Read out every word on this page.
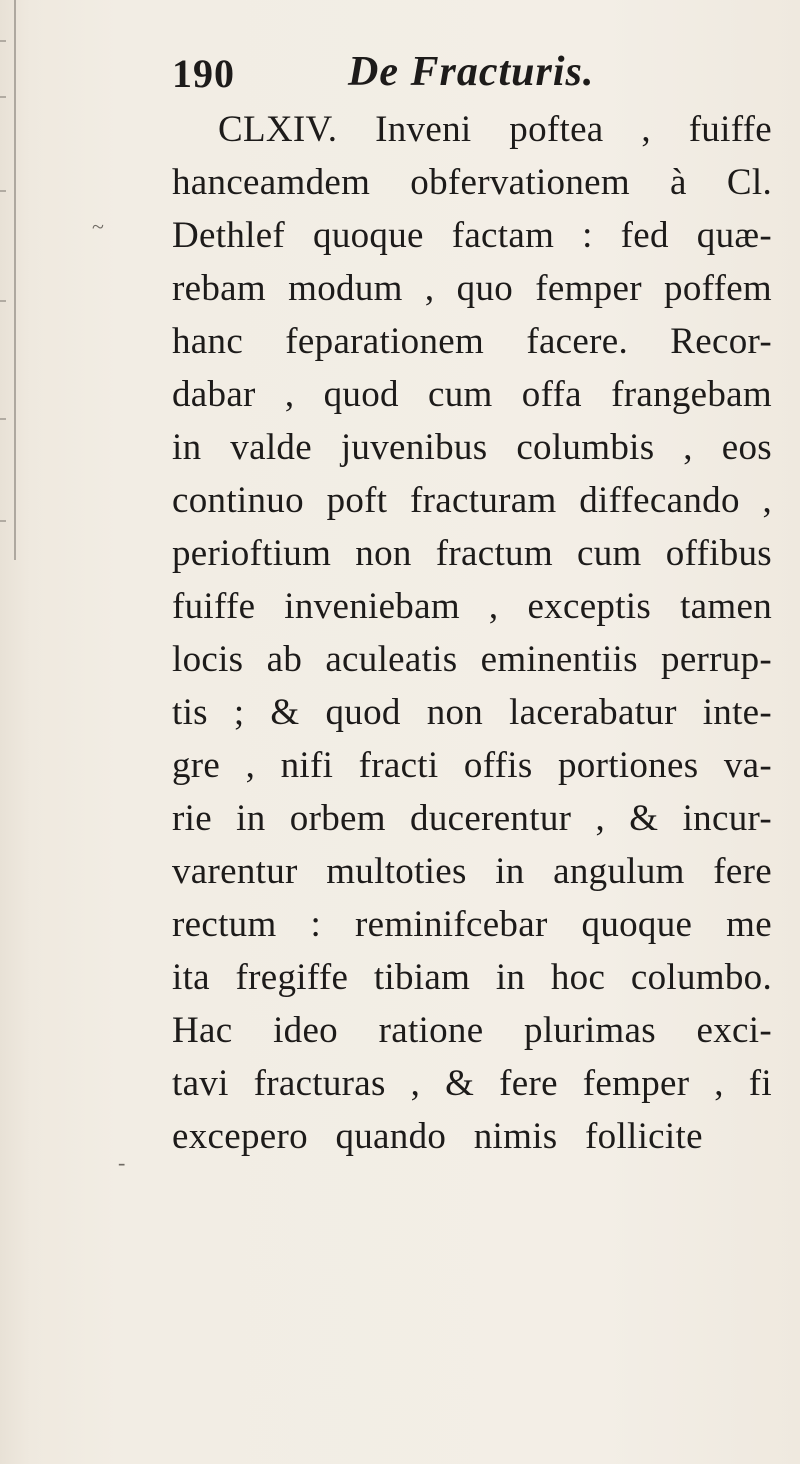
~
-
190	De Fracturis.
CLXIV. Inveni poftea , fuiffe
hanceamdem obfervationem à Cl.
Dethlef quoque factam : fed quæ-
rebam modum , quo femper poffem
hanc feparationem facere. Recor-
dabar , quod cum offa frangebam
in valde juvenibus columbis , eos
continuo poft fracturam diffecando ,
perioftium non fractum cum offibus
fuiffe inveniebam , exceptis tamen
locis ab aculeatis eminentiis perrup-
tis ; & quod non lacerabatur inte-
gre , nifi fracti offis portiones va-
rie in orbem ducerentur , & incur-
varentur multoties in angulum fere
rectum : reminifcebar quoque me
ita fregiffe tibiam in hoc columbo.
Hac ideo ratione plurimas exci-
tavi fracturas , & fere femper , fi
excepero quando nimis follicite
